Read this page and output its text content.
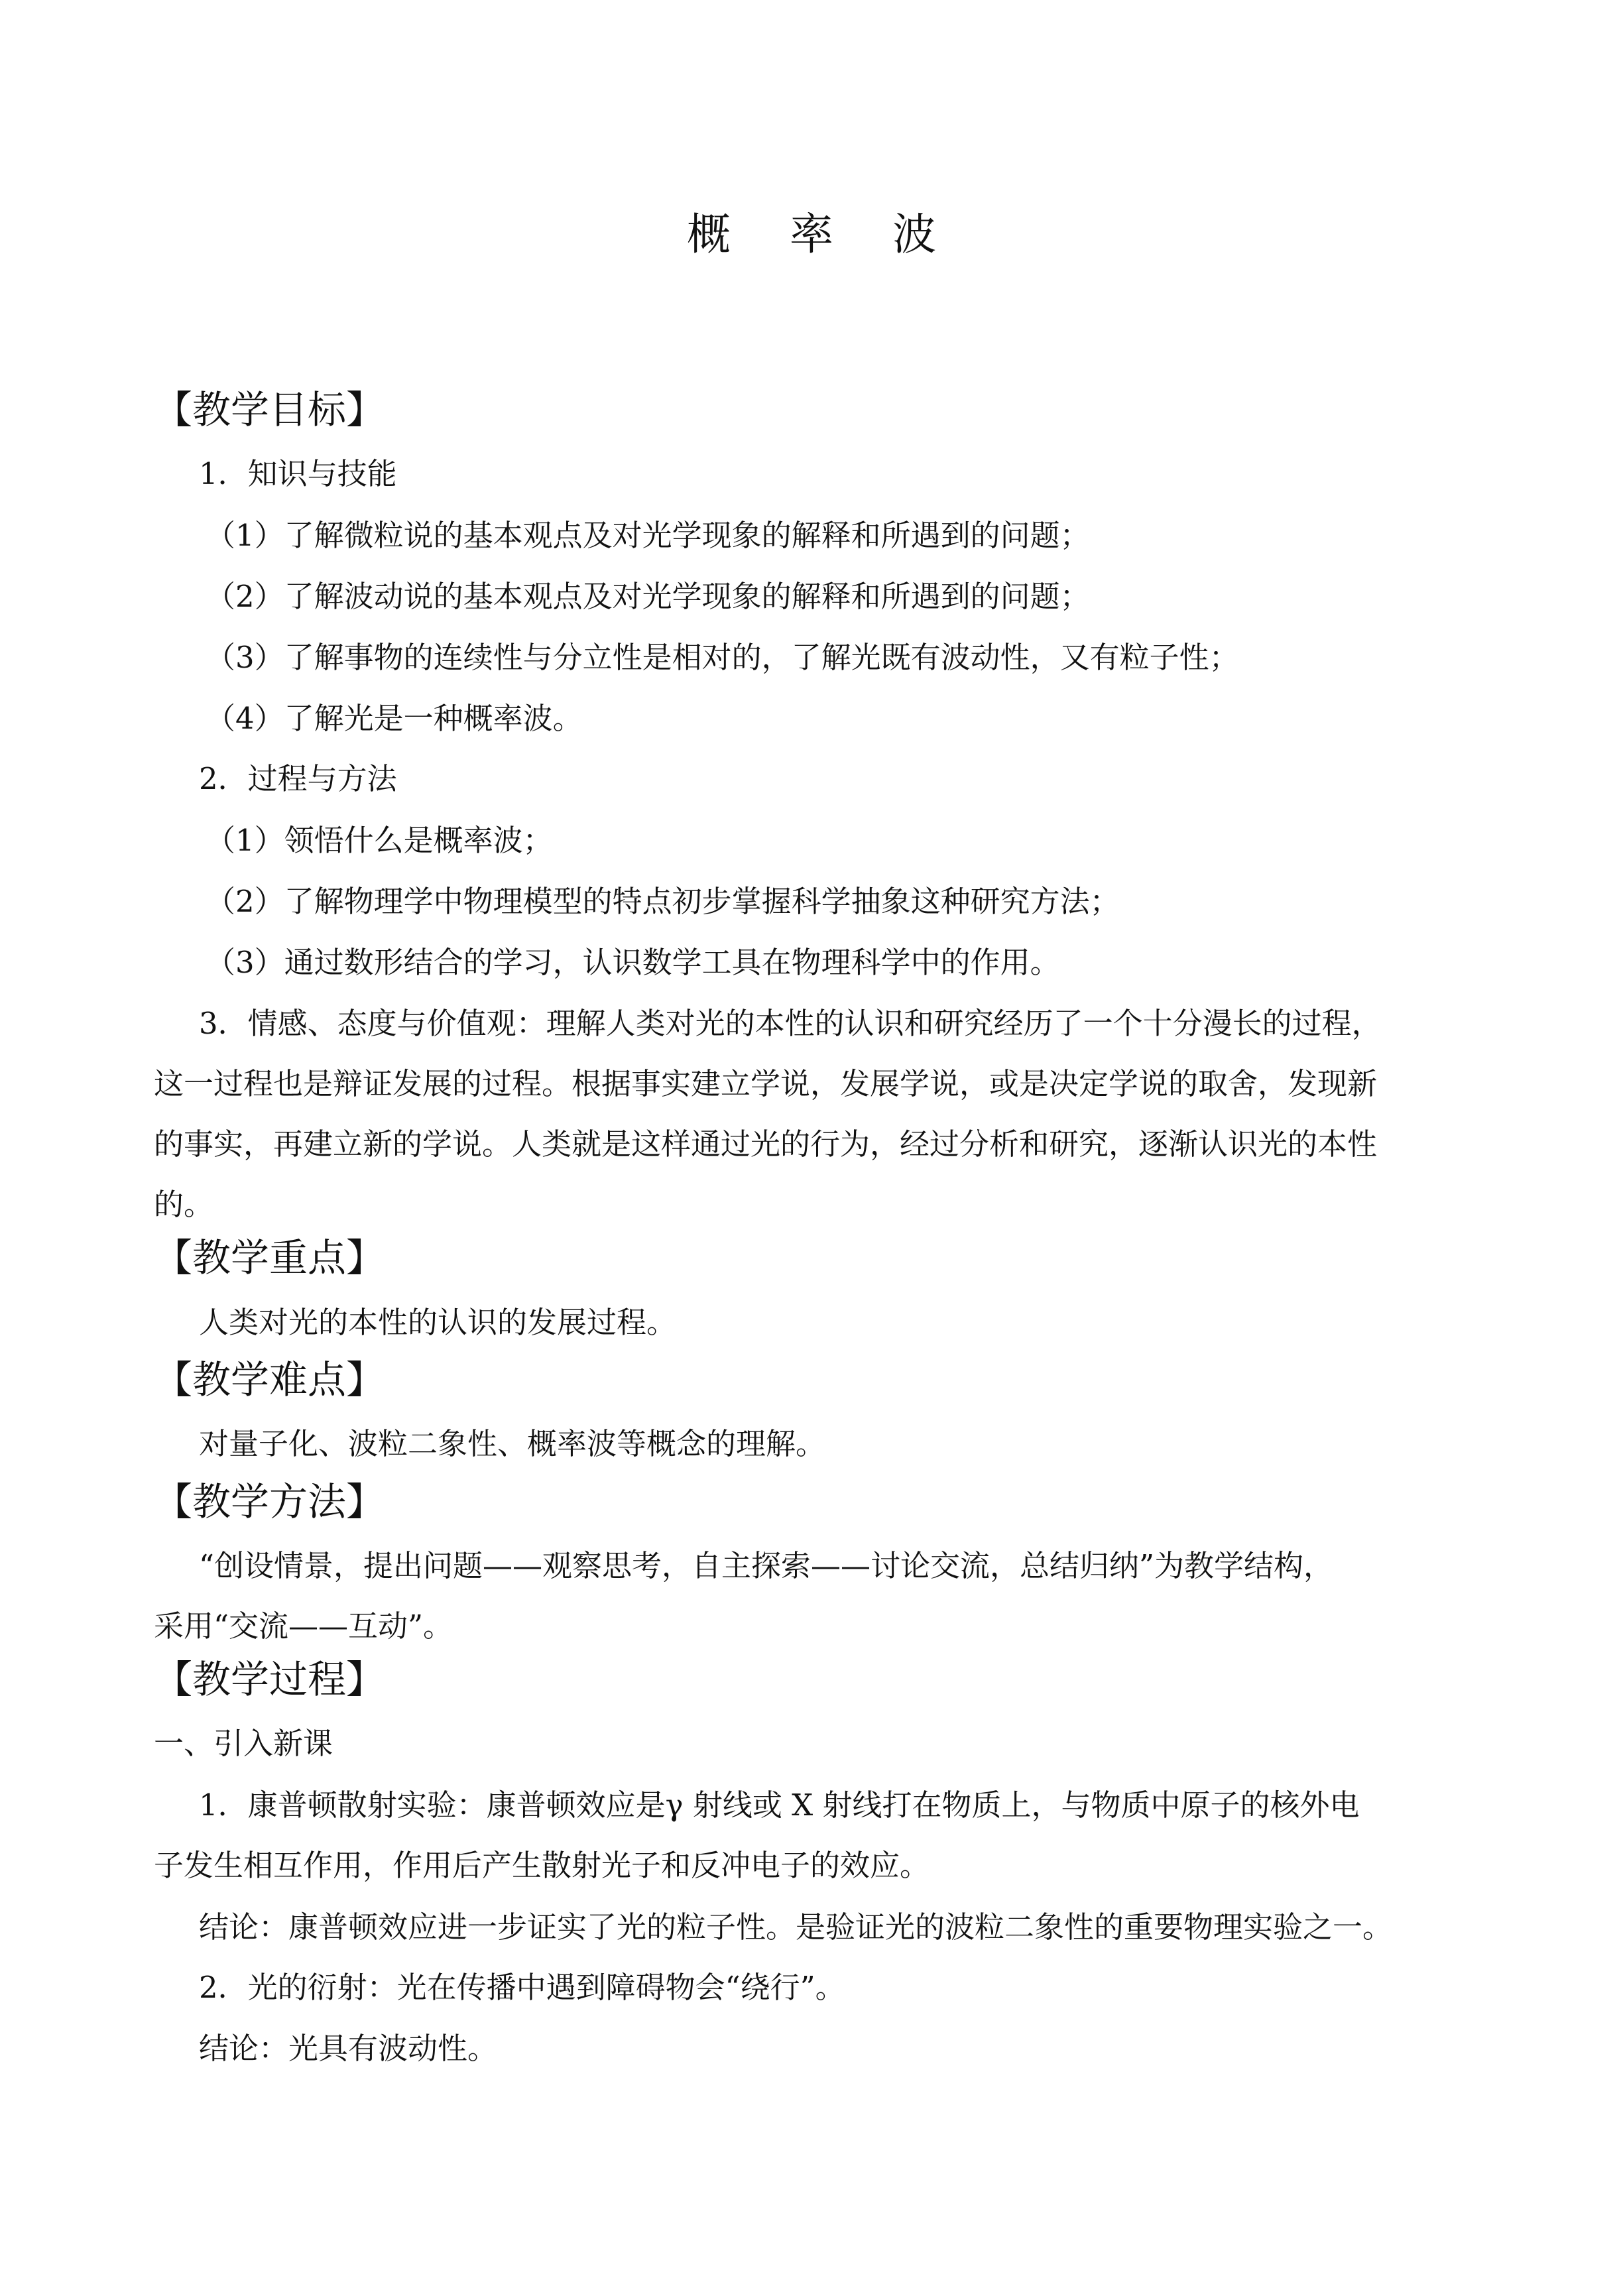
概 率 波
【教学目标】
1．知识与技能
（1）了解微粒说的基本观点及对光学现象的解释和所遇到的问题；
（2）了解波动说的基本观点及对光学现象的解释和所遇到的问题；
（3）了解事物的连续性与分立性是相对的，了解光既有波动性，又有粒子性；
（4）了解光是一种概率波。
2．过程与方法
（1）领悟什么是概率波；
（2）了解物理学中物理模型的特点初步掌握科学抽象这种研究方法；
（3）通过数形结合的学习，认识数学工具在物理科学中的作用。
3．情感、态度与价值观：理解人类对光的本性的认识和研究经历了一个十分漫长的过程，
这一过程也是辩证发展的过程。根据事实建立学说，发展学说，或是决定学说的取舍，发现新
的事实，再建立新的学说。人类就是这样通过光的行为，经过分析和研究，逐渐认识光的本性
的。
【教学重点】
人类对光的本性的认识的发展过程。
【教学难点】
对量子化、波粒二象性、概率波等概念的理解。
【教学方法】
“创设情景，提出问题——观察思考，自主探索——讨论交流，总结归纳”为教学结构，
采用“交流——互动”。
【教学过程】
一、引入新课
1．康普顿散射实验：康普顿效应是γ 射线或 X 射线打在物质上，与物质中原子的核外电
子发生相互作用，作用后产生散射光子和反冲电子的效应。
结论：康普顿效应进一步证实了光的粒子性。是验证光的波粒二象性的重要物理实验之一。
2．光的衍射：光在传播中遇到障碍物会“绕行”。
结论：光具有波动性。
